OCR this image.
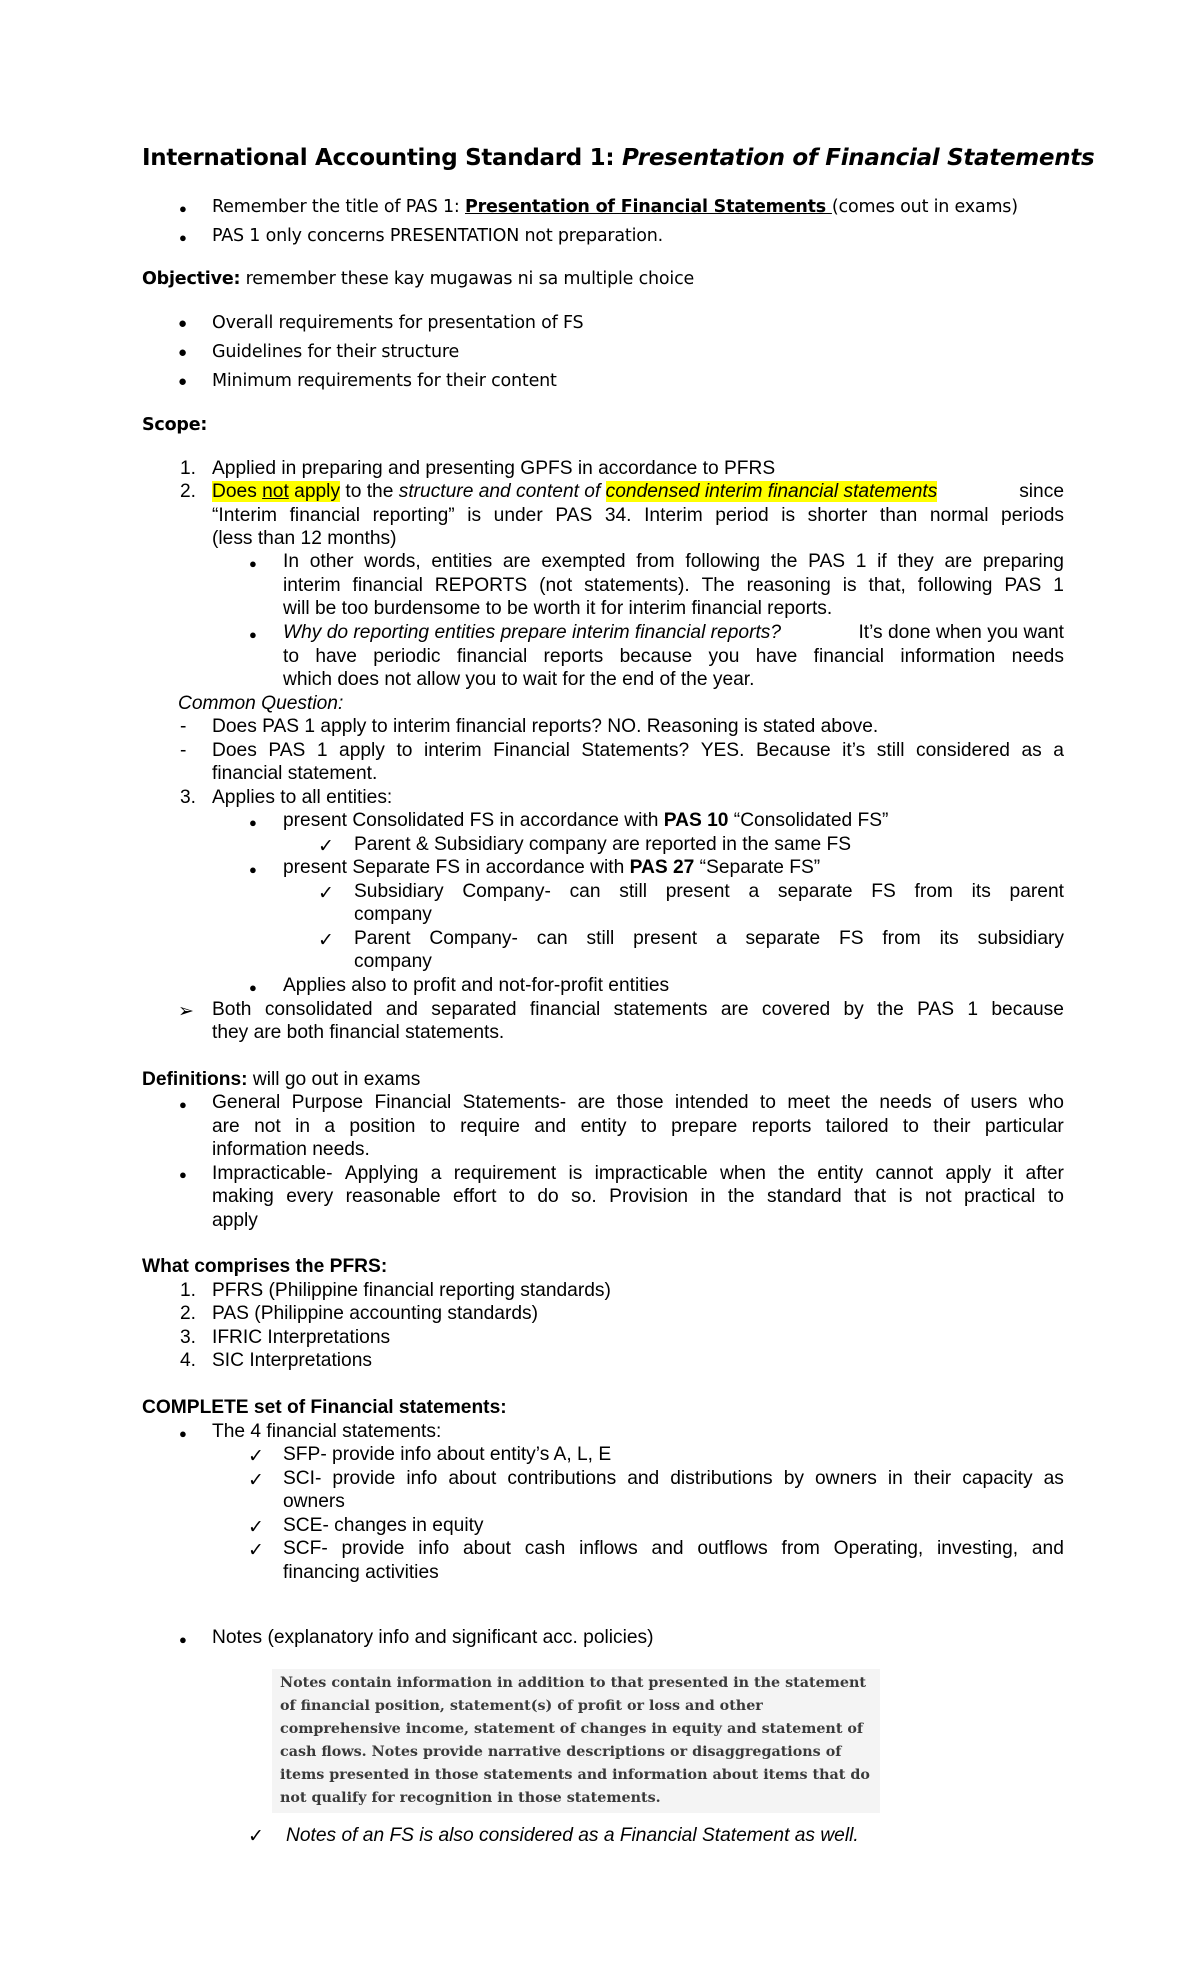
International Accounting Standard 1: Presentation of Financial Statements
● Remember the title of PAS 1: Presentation of Financial Statements (comes out in exams)
● PAS 1 only concerns PRESENTATION not preparation.
Objective: remember these kay mugawas ni sa multiple choice
● Overall requirements for presentation of FS
● Guidelines for their structure
● Minimum requirements for their content
Scope:
1. Applied in preparing and presenting GPFS in accordance to PFRS
2. Does not apply to the structure and content of condensed interim financial statements	since
“Interim financial reporting” is under PAS 34. Interim period is shorter than normal periods
(less than 12 months)
● In other words, entities are exempted from following the PAS 1 if they are preparing
interim financial REPORTS (not statements). The reasoning is that, following PAS 1
will be too burdensome to be worth it for interim financial reports.
● Why do reporting entities prepare interim financial reports?	It’s done when you want
to have periodic financial reports because you have financial information needs
which does not allow you to wait for the end of the year.
Common Question:
- Does PAS 1 apply to interim financial reports? NO. Reasoning is stated above.
- Does PAS 1 apply to interim Financial Statements? YES. Because it’s still considered as a
financial statement.
3. Applies to all entities:
● present Consolidated FS in accordance with PAS 10 “Consolidated FS”
✓ Parent & Subsidiary company are reported in the same FS
● present Separate FS in accordance with PAS 27 “Separate FS”
✓ Subsidiary Company- can still present a separate FS from its parent
company
✓ Parent Company- can still present a separate FS from its subsidiary
company
● Applies also to profit and not-for-profit entities
➢ Both consolidated and separated financial statements are covered by the PAS 1 because
they are both financial statements.
Definitions: will go out in exams
● General Purpose Financial Statements- are those intended to meet the needs of users who
are not in a position to require and entity to prepare reports tailored to their particular
information needs.
● Impracticable- Applying a requirement is impracticable when the entity cannot apply it after
making every reasonable effort to do so. Provision in the standard that is not practical to
apply
What comprises the PFRS:
1. PFRS (Philippine financial reporting standards)
2. PAS (Philippine accounting standards)
3. IFRIC Interpretations
4. SIC Interpretations
COMPLETE set of Financial statements:
● The 4 financial statements:
✓ SFP- provide info about entity’s A, L, E
✓ SCI- provide info about contributions and distributions by owners in their capacity as
owners
✓ SCE- changes in equity
✓ SCF- provide info about cash inflows and outflows from Operating, investing, and
financing activities
● Notes (explanatory info and significant acc. policies)
Notes contain information in addition to that presented in the statement
of financial position, statement(s) of profit or loss and other
comprehensive income, statement of changes in equity and statement of
cash flows. Notes provide narrative descriptions or disaggregations of
items presented in those statements and information about items that do
not qualify for recognition in those statements.
✓ Notes of an FS is also considered as a Financial Statement as well.
